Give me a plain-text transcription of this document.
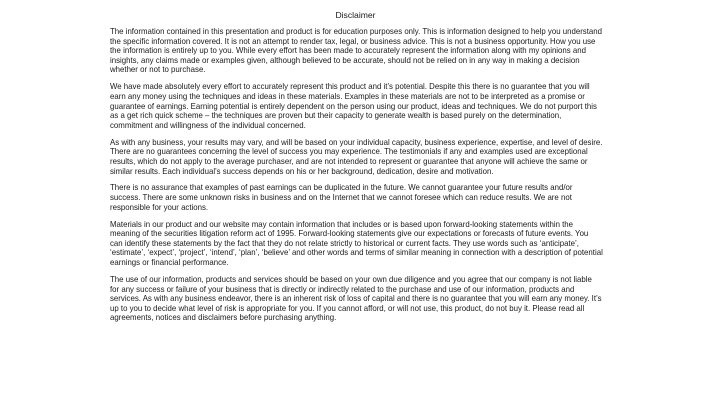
Disclaimer

The information contained in this presentation and product is for education purposes only. This is information designed to help you understand the specific information covered. It is not an attempt to render tax, legal, or business advice. This is not a business opportunity. How you use the information is entirely up to you. While every effort has been made to accurately represent the information along with my opinions and insights, any claims made or examples given, although believed to be accurate, should not be relied on in any way in making a decision whether or not to purchase.

We have made absolutely every effort to accurately represent this product and it’s potential. Despite this there is no guarantee that you will earn any money using the techniques and ideas in these materials. Examples in these materials are not to be interpreted as a promise or guarantee of earnings. Earning potential is entirely dependent on the person using our product, ideas and techniques. We do not purport this as a get rich quick scheme – the techniques are proven but their capacity to generate wealth is based purely on the determination, commitment and willingness of the individual concerned.

As with any business, your results may vary, and will be based on your individual capacity, business experience, expertise, and level of desire. There are no guarantees concerning the level of success you may experience. The testimonials if any and examples used are exceptional results, which do not apply to the average purchaser, and are not intended to represent or guarantee that anyone will achieve the same or similar results. Each individual’s success depends on his or her background, dedication, desire and motivation.

There is no assurance that examples of past earnings can be duplicated in the future. We cannot guarantee your future results and/or success. There are some unknown risks in business and on the Internet that we cannot foresee which can reduce results. We are not responsible for your actions.

Materials in our product and our website may contain information that includes or is based upon forward-looking statements within the meaning of the securities litigation reform act of 1995. Forward-looking statements give our expectations or forecasts of future events. You can identify these statements by the fact that they do not relate strictly to historical or current facts. They use words such as ‘anticipate’, ‘estimate’, ‘expect’, ‘project’, ‘intend’, ‘plan’, ‘believe’ and other words and terms of similar meaning in connection with a description of potential earnings or financial performance.

The use of our information, products and services should be based on your own due diligence and you agree that our company is not liable for any success or failure of your business that is directly or indirectly related to the purchase and use of our information, products and services. As with any business endeavor, there is an inherent risk of loss of capital and there is no guarantee that you will earn any money. It’s up to you to decide what level of risk is appropriate for you. If you cannot afford, or will not use, this product, do not buy it. Please read all agreements, notices and disclaimers before purchasing anything.
